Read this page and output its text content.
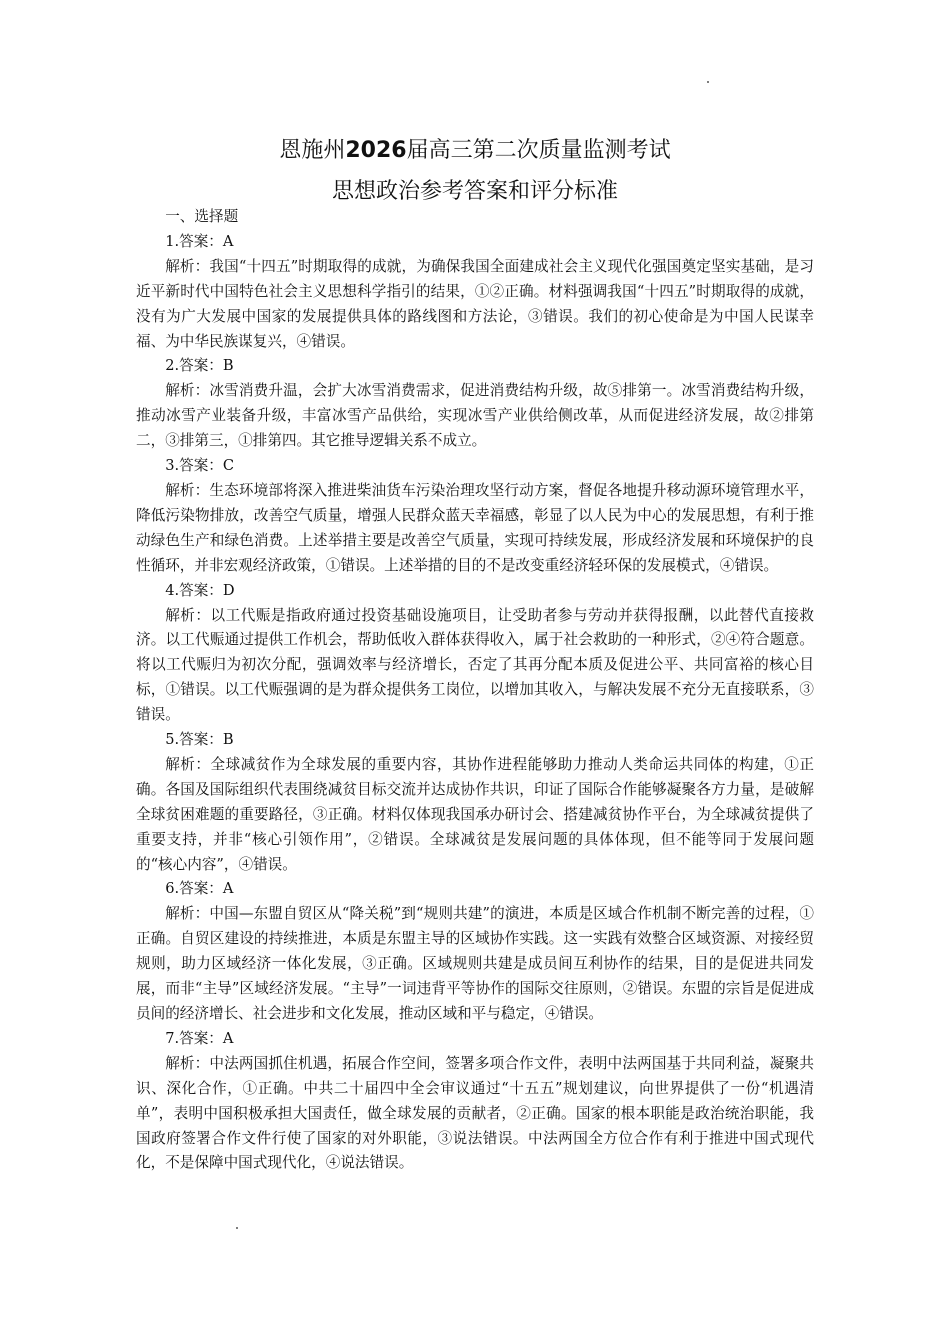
恩施州2026届高三第二次质量监测考试
思想政治参考答案和评分标准

一、选择题

1.答案：A

解析：我国“十四五”时期取得的成就，为确保我国全面建成社会主义现代化强国奠定坚实基础，是习近平新时代中国特色社会主义思想科学指引的结果，①②正确。材料强调我国“十四五”时期取得的成就，没有为广大发展中国家的发展提供具体的路线图和方法论，③错误。我们的初心使命是为中国人民谋幸福、为中华民族谋复兴，④错误。

2.答案：B

解析：冰雪消费升温，会扩大冰雪消费需求，促进消费结构升级，故⑤排第一。冰雪消费结构升级，推动冰雪产业装备升级，丰富冰雪产品供给，实现冰雪产业供给侧改革，从而促进经济发展，故②排第二，③排第三，①排第四。其它推导逻辑关系不成立。

3.答案：C

解析：生态环境部将深入推进柴油货车污染治理攻坚行动方案，督促各地提升移动源环境管理水平，降低污染物排放，改善空气质量，增强人民群众蓝天幸福感，彰显了以人民为中心的发展思想，有利于推动绿色生产和绿色消费。上述举措主要是改善空气质量，实现可持续发展，形成经济发展和环境保护的良性循环，并非宏观经济政策，①错误。上述举措的目的不是改变重经济轻环保的发展模式，④错误。

4.答案：D

解析：以工代赈是指政府通过投资基础设施项目，让受助者参与劳动并获得报酬，以此替代直接救济。以工代赈通过提供工作机会，帮助低收入群体获得收入，属于社会救助的一种形式，②④符合题意。将以工代赈归为初次分配，强调效率与经济增长，否定了其再分配本质及促进公平、共同富裕的核心目标，①错误。以工代赈强调的是为群众提供务工岗位，以增加其收入，与解决发展不充分无直接联系，③错误。

5.答案：B

解析：全球减贫作为全球发展的重要内容，其协作进程能够助力推动人类命运共同体的构建，①正确。各国及国际组织代表围绕减贫目标交流并达成协作共识，印证了国际合作能够凝聚各方力量，是破解全球贫困难题的重要路径，③正确。材料仅体现我国承办研讨会、搭建减贫协作平台，为全球减贫提供了重要支持，并非“核心引领作用”，②错误。全球减贫是发展问题的具体体现，但不能等同于发展问题的“核心内容”，④错误。

6.答案：A

解析：中国—东盟自贸区从“降关税”到“规则共建”的演进，本质是区域合作机制不断完善的过程，①正确。自贸区建设的持续推进，本质是东盟主导的区域协作实践。这一实践有效整合区域资源、对接经贸规则，助力区域经济一体化发展，③正确。区域规则共建是成员间互利协作的结果，目的是促进共同发展，而非“主导”区域经济发展。“主导”一词违背平等协作的国际交往原则，②错误。东盟的宗旨是促进成员间的经济增长、社会进步和文化发展，推动区域和平与稳定，④错误。

7.答案：A

解析：中法两国抓住机遇，拓展合作空间，签署多项合作文件，表明中法两国基于共同利益，凝聚共识、深化合作，①正确。中共二十届四中全会审议通过“十五五”规划建议，向世界提供了一份“机遇清单”，表明中国积极承担大国责任，做全球发展的贡献者，②正确。国家的根本职能是政治统治职能，我国政府签署合作文件行使了国家的对外职能，③说法错误。中法两国全方位合作有利于推进中国式现代化，不是保障中国式现代化，④说法错误。
